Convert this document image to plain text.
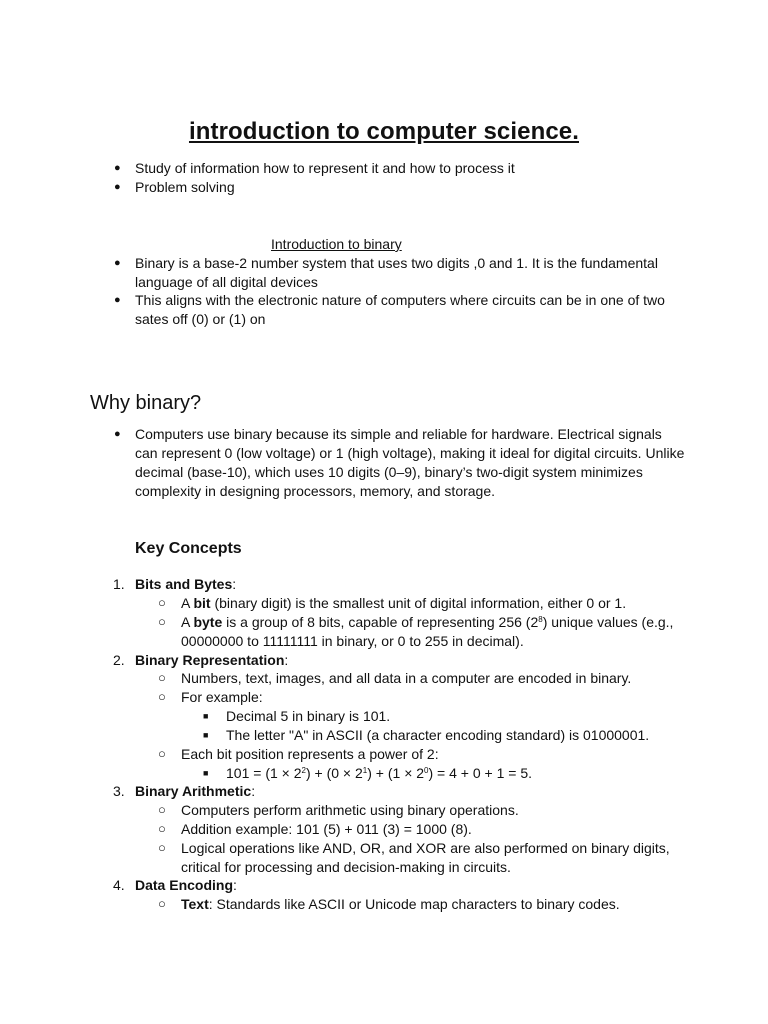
introduction to computer science.
● Study of information how to represent it and how to process it
● Problem solving
Introduction to binary
● Binary is a base-2 number system that uses two digits ,0 and 1. It is the fundamental
language of all digital devices
● This aligns with the electronic nature of computers where circuits can be in one of two
sates off (0) or (1) on
Why binary?
● Computers use binary because its simple and reliable for hardware. Electrical signals
can represent 0 (low voltage) or 1 (high voltage), making it ideal for digital circuits. Unlike
decimal (base-10), which uses 10 digits (0–9), binary’s two-digit system minimizes
complexity in designing processors, memory, and storage.
Key Concepts
1. Bits and Bytes:
○ A bit (binary digit) is the smallest unit of digital information, either 0 or 1.
○ A byte is a group of 8 bits, capable of representing 256 $(2^8)$ unique values (e.g.,
00000000 to 11111111 in binary, or 0 to 255 in decimal).
2. Binary Representation:
○ Numbers, text, images, and all data in a computer are encoded in binary.
○ For example:
■ Decimal 5 in binary is 101.
■ The letter "A" in ASCII (a character encoding standard) is 01000001.
○ Each bit position represents a power of 2:
■ $101 = (1 \times 2^2) + (0 \times 2^1) + (1 \times 2^0) = 4 + 0 + 1 = 5$.
3. Binary Arithmetic:
○ Computers perform arithmetic using binary operations.
○ Addition example: 101 (5) + 011 (3) = 1000 (8).
○ Logical operations like AND, OR, and XOR are also performed on binary digits,
critical for processing and decision-making in circuits.
4. Data Encoding:
○ Text: Standards like ASCII or Unicode map characters to binary codes.
